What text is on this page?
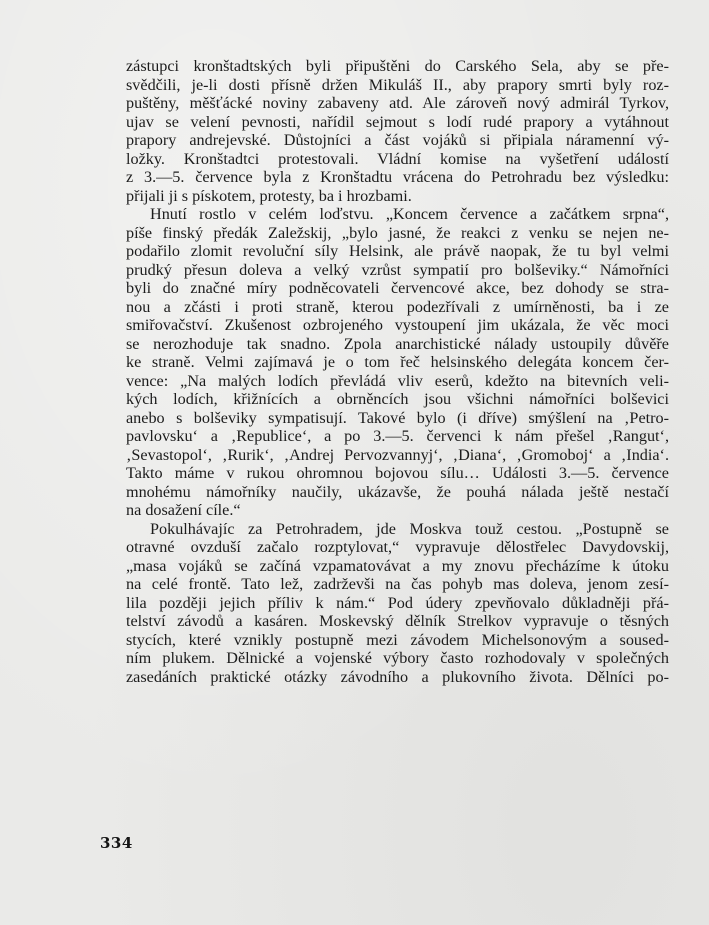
zástupci kronštadtských byli připuštěni do Carského Sela, aby se pře-
svědčili, je-li dosti přísně držen Mikuláš II., aby prapory smrti byly roz-
puštěny, měšťácké noviny zabaveny atd. Ale zároveň nový admirál Tyrkov,
ujav se velení pevnosti, nařídil sejmout s lodí rudé prapory a vytáhnout
prapory andrejevské. Důstojníci a část vojáků si připiala náramenní vý-
ložky. Kronštadtci protestovali. Vládní komise na vyšetření událostí
z 3.—5. července byla z Kronštadtu vrácena do Petrohradu bez výsledku:
přijali ji s pískotem, protesty, ba i hrozbami.
Hnutí rostlo v celém loďstvu. „Koncem července a začátkem srpna“,
píše finský předák Zaležskij, „bylo jasné, že reakci z venku se nejen ne-
podařilo zlomit revoluční síly Helsink, ale právě naopak, že tu byl velmi
prudký přesun doleva a velký vzrůst sympatií pro bolševiky.“ Námořníci
byli do značné míry podněcovateli červencové akce, bez dohody se stra-
nou a zčásti i proti straně, kterou podezřívali z umírněnosti, ba i ze
smiřovačství. Zkušenost ozbrojeného vystoupení jim ukázala, že věc moci
se nerozhoduje tak snadno. Zpola anarchistické nálady ustoupily důvěře
ke straně. Velmi zajímavá je o tom řeč helsinského delegáta koncem čer-
vence: „Na malých lodích převládá vliv eserů, kdežto na bitevních veli-
kých lodích, křižnících a obrněncích jsou všichni námořníci bolševici
anebo s bolševiky sympatisují. Takové bylo (i dříve) smýšlení na ‚Petro-
pavlovsku‘ a ‚Republice‘, a po 3.—5. červenci k nám přešel ‚Rangut‘,
‚Sevastopol‘, ‚Rurik‘, ‚Andrej Pervozvannyj‘, ‚Diana‘, ‚Gromoboj‘ a ‚India‘.
Takto máme v rukou ohromnou bojovou sílu… Události 3.—5. července
mnohému námořníky naučily, ukázavše, že pouhá nálada ještě nestačí
na dosažení cíle.“
Pokulhávajíc za Petrohradem, jde Moskva touž cestou. „Postupně se
otravné ovzduší začalo rozptylovat,“ vypravuje dělostřelec Davydovskij,
„masa vojáků se začíná vzpamatovávat a my znovu přecházíme k útoku
na celé frontě. Tato lež, zadrževši na čas pohyb mas doleva, jenom zesí-
lila později jejich příliv k nám.“ Pod údery zpevňovalo důkladněji přá-
telství závodů a kasáren. Moskevský dělník Strelkov vypravuje o těsných
stycích, které vznikly postupně mezi závodem Michelsonovým a soused-
ním plukem. Dělnické a vojenské výbory často rozhodovaly v společných
zasedáních praktické otázky závodního a plukovního života. Dělníci po-
334
